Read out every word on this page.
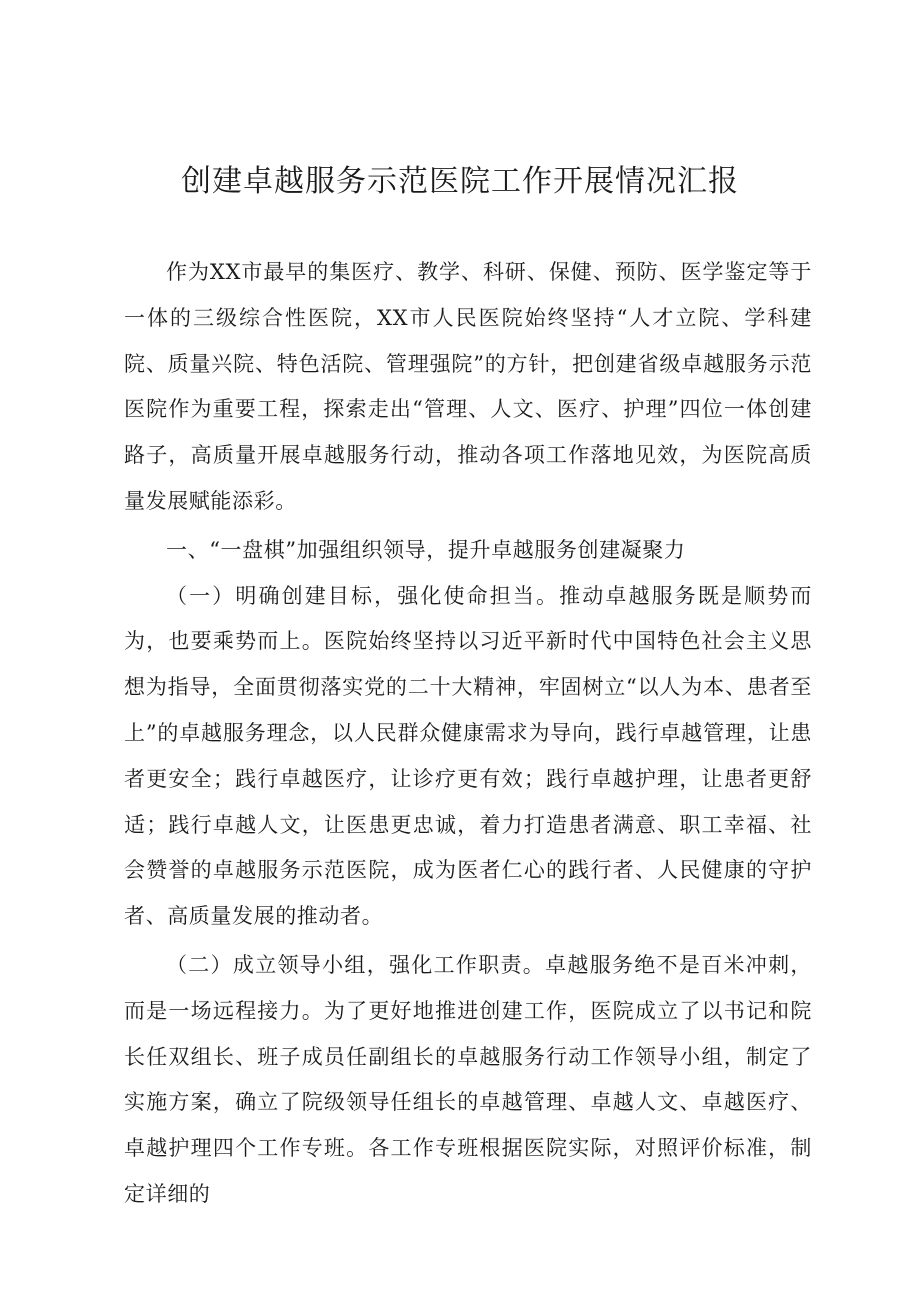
创建卓越服务示范医院工作开展情况汇报

作为XX市最早的集医疗、教学、科研、保健、预防、医学鉴定等于一体的三级综合性医院，XX市人民医院始终坚持“人才立院、学科建院、质量兴院、特色活院、管理强院”的方针，把创建省级卓越服务示范医院作为重要工程，探索走出“管理、人文、医疗、护理”四位一体创建路子，高质量开展卓越服务行动，推动各项工作落地见效，为医院高质量发展赋能添彩。

一、“一盘棋”加强组织领导，提升卓越服务创建凝聚力

（一）明确创建目标，强化使命担当。推动卓越服务既是顺势而为，也要乘势而上。医院始终坚持以习近平新时代中国特色社会主义思想为指导，全面贯彻落实党的二十大精神，牢固树立“以人为本、患者至上”的卓越服务理念，以人民群众健康需求为导向，践行卓越管理，让患者更安全；践行卓越医疗，让诊疗更有效；践行卓越护理，让患者更舒适；践行卓越人文，让医患更忠诚，着力打造患者满意、职工幸福、社会赞誉的卓越服务示范医院，成为医者仁心的践行者、人民健康的守护者、高质量发展的推动者。

（二）成立领导小组，强化工作职责。卓越服务绝不是百米冲刺，而是一场远程接力。为了更好地推进创建工作，医院成立了以书记和院长任双组长、班子成员任副组长的卓越服务行动工作领导小组，制定了实施方案，确立了院级领导任组长的卓越管理、卓越人文、卓越医疗、卓越护理四个工作专班。各工作专班根据医院实际，对照评价标准，制定详细的
